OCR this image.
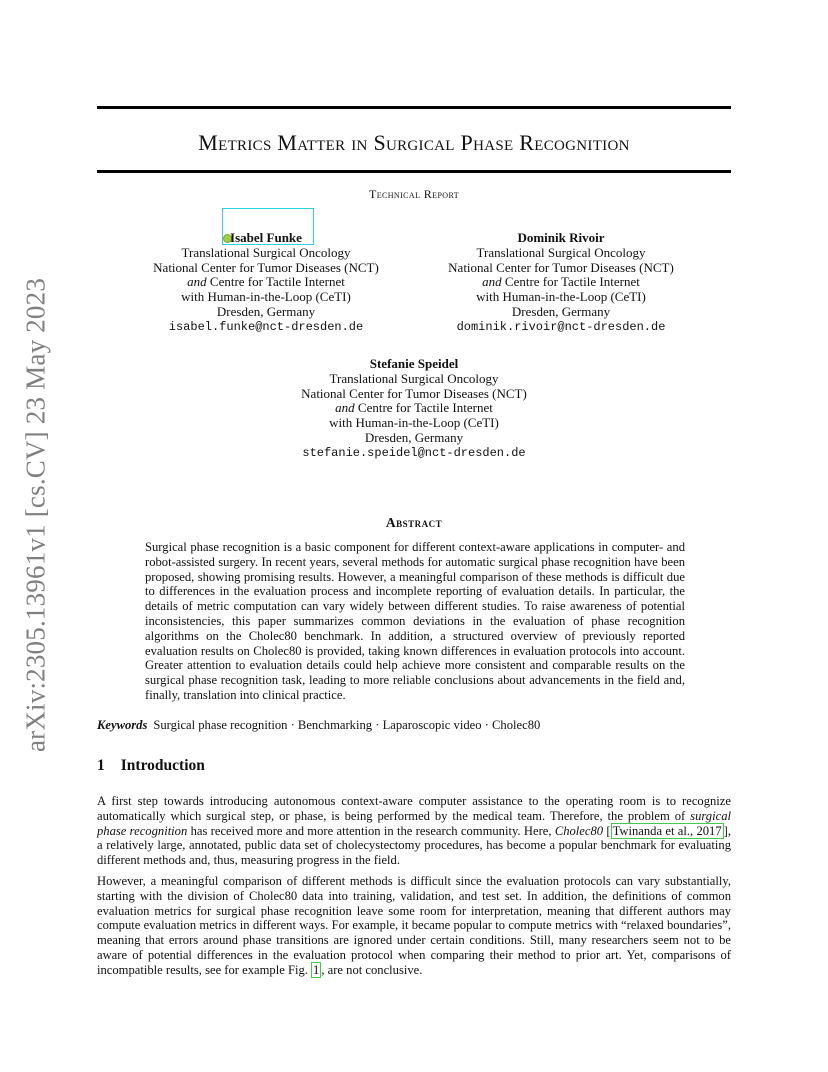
arXiv:2305.13961v1 [cs.CV] 23 May 2023
Metrics Matter in Surgical Phase Recognition
Technical Report
Isabel Funke
Translational Surgical Oncology
National Center for Tumor Diseases (NCT)
and Centre for Tactile Internet
with Human-in-the-Loop (CeTI)
Dresden, Germany
isabel.funke@nct-dresden.de
Dominik Rivoir
Translational Surgical Oncology
National Center for Tumor Diseases (NCT)
and Centre for Tactile Internet
with Human-in-the-Loop (CeTI)
Dresden, Germany
dominik.rivoir@nct-dresden.de
Stefanie Speidel
Translational Surgical Oncology
National Center for Tumor Diseases (NCT)
and Centre for Tactile Internet
with Human-in-the-Loop (CeTI)
Dresden, Germany
stefanie.speidel@nct-dresden.de
Abstract

Surgical phase recognition is a basic component for different context-aware applications in computer- and robot-assisted surgery. In recent years, several methods for automatic surgical phase recognition have been proposed, showing promising results. However, a meaningful comparison of these methods is difficult due to differences in the evaluation process and incomplete reporting of evaluation details. In particular, the details of metric computation can vary widely between different studies. To raise awareness of potential inconsistencies, this paper summarizes common deviations in the evaluation of phase recognition algorithms on the Cholec80 benchmark. In addition, a structured overview of previously reported evaluation results on Cholec80 is provided, taking known differences in evaluation protocols into account. Greater attention to evaluation details could help achieve more consistent and comparable results on the surgical phase recognition task, leading to more reliable conclusions about advancements in the field and, finally, translation into clinical practice.

Keywords Surgical phase recognition · Benchmarking · Laparoscopic video · Cholec80
1 Introduction

A first step towards introducing autonomous context-aware computer assistance to the operating room is to recognize automatically which surgical step, or phase, is being performed by the medical team. Therefore, the problem of surgical phase recognition has received more and more attention in the research community. Here, Cholec80 [ Twinanda et al., 2017 ], a relatively large, annotated, public data set of cholecystectomy procedures, has become a popular benchmark for evaluating different methods and, thus, measuring progress in the field.

However, a meaningful comparison of different methods is difficult since the evaluation protocols can vary substantially, starting with the division of Cholec80 data into training, validation, and test set. In addition, the definitions of common evaluation metrics for surgical phase recognition leave some room for interpretation, meaning that different authors may compute evaluation metrics in different ways. For example, it became popular to compute metrics with “relaxed boundaries”, meaning that errors around phase transitions are ignored under certain conditions. Still, many researchers seem not to be aware of potential differences in the evaluation protocol when comparing their method to prior art. Yet, comparisons of incompatible results, see for example Fig. 1 , are not conclusive.
